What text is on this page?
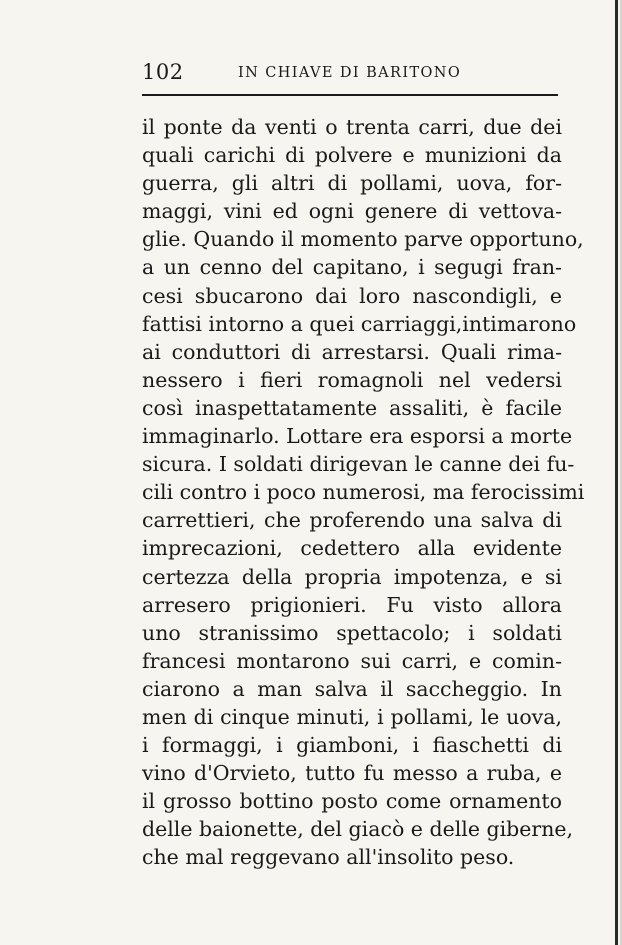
102	IN CHIAVE DI BARITONO
il ponte da venti o trenta carri, due dei
quali carichi di polvere e munizioni da
guerra, gli altri di pollami, uova, for-
maggi, vini ed ogni genere di vettova-
glie. Quando il momento parve opportuno,
a un cenno del capitano, i segugi fran-
cesi sbucarono dai loro nascondigli, e
fattisi intorno a quei carriaggi,intimarono
ai conduttori di arrestarsi. Quali rima-
nessero i fieri romagnoli nel vedersi
così inaspettatamente assaliti, è facile
immaginarlo. Lottare era esporsi a morte
sicura. I soldati dirigevan le canne dei fu-
cili contro i poco numerosi, ma ferocissimi
carrettieri, che proferendo una salva di
imprecazioni, cedettero alla evidente
certezza della propria impotenza, e si
arresero prigionieri. Fu visto allora
uno stranissimo spettacolo; i soldati
francesi montarono sui carri, e comin-
ciarono a man salva il saccheggio. In
men di cinque minuti, i pollami, le uova,
i formaggi, i giamboni, i fiaschetti di
vino d'Orvieto, tutto fu messo a ruba, e
il grosso bottino posto come ornamento
delle baionette, del giacò e delle giberne,
che mal reggevano all'insolito peso.
